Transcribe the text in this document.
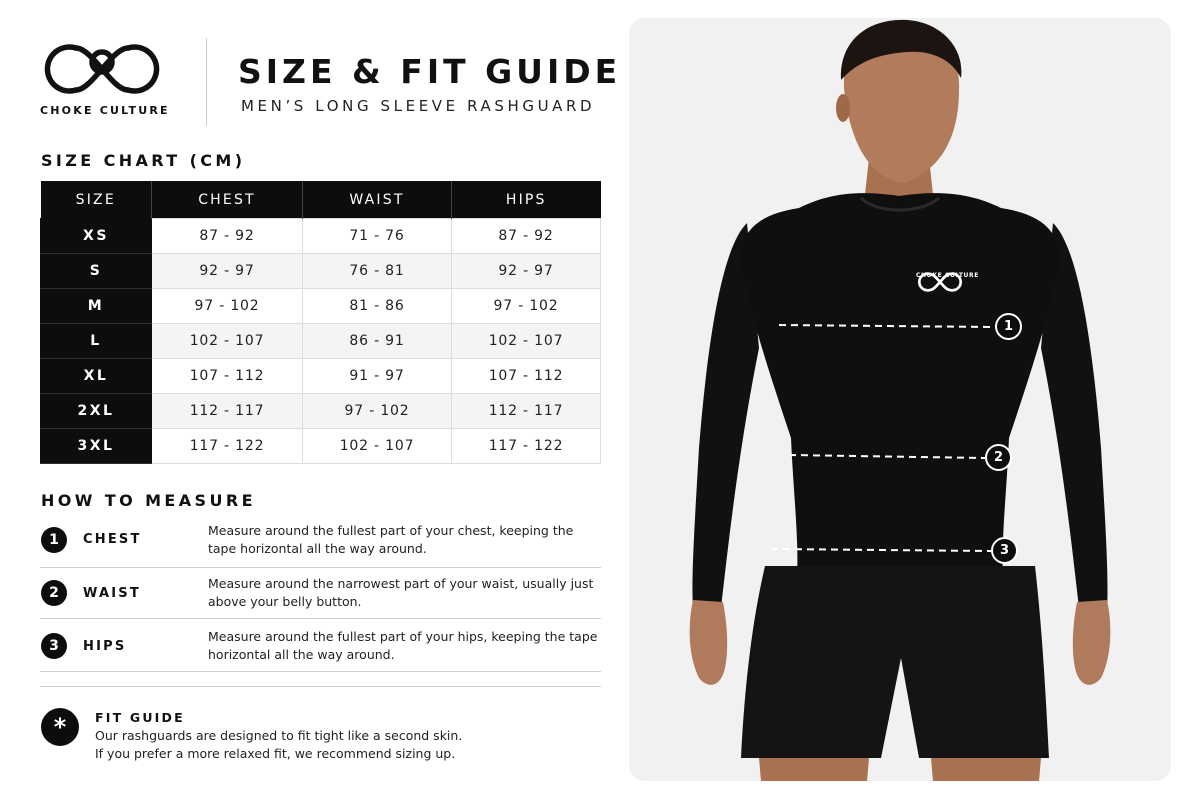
CHOKE CULTURE
SIZE & FIT GUIDE
MEN’S LONG SLEEVE RASHGUARD
SIZE CHART (CM)
SIZE	CHEST	WAIST	HIPS
XS	87 - 92	71 - 76	87 - 92
S	92 - 97	76 - 81	92 - 97
M	97 - 102	81 - 86	97 - 102
L	102 - 107	86 - 91	102 - 107
XL	107 - 112	91 - 97	107 - 112
2XL	112 - 117	97 - 102	112 - 117
3XL	117 - 122	102 - 107	117 - 122
HOW TO MEASURE
1	CHEST
Measure around the fullest part of your chest, keeping the tape horizontal all the way around.
2	WAIST
Measure around the narrowest part of your waist, usually just above your belly button.
3	HIPS
Measure around the fullest part of your hips, keeping the tape horizontal all the way around.
*	FIT GUIDE
Our rashguards are designed to fit tight like a second skin.
If you prefer a more relaxed fit, we recommend sizing up.
CHOKE CULTURE
1
2
3
